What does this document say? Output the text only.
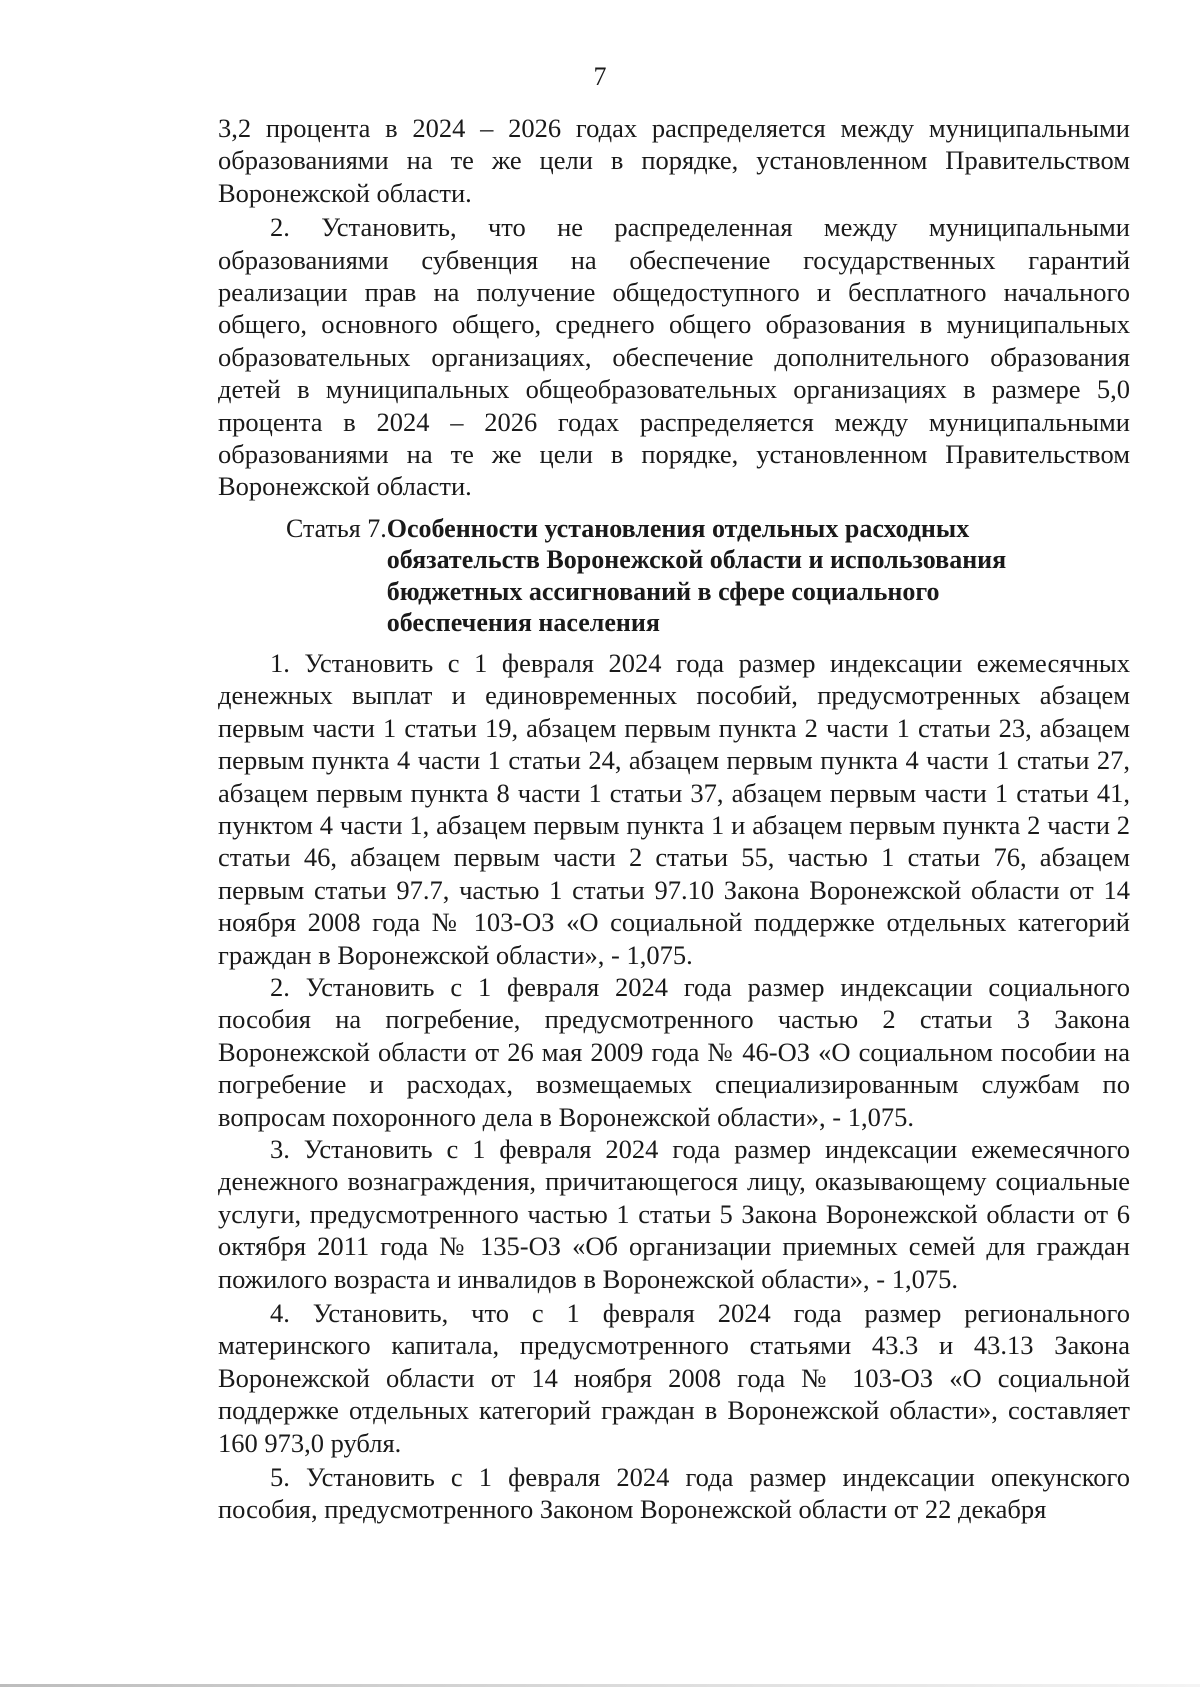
7

3,2 процента в 2024 – 2026 годах распределяется между муниципальными образованиями на те же цели в порядке, установленном Правительством Воронежской области.

2. Установить, что не распределенная между муниципальными образованиями субвенция на обеспечение государственных гарантий реализации прав на получение общедоступного и бесплатного начального общего, основного общего, среднего общего образования в муниципальных образовательных организациях, обеспечение дополнительного образования детей в муниципальных общеобразовательных организациях в размере 5,0 процента в 2024 – 2026 годах распределяется между муниципальными образованиями на те же цели в порядке, установленном Правительством Воронежской области.

Статья 7. Особенности установления отдельных расходных обязательств Воронежской области и использования бюджетных ассигнований в сфере социального обеспечения населения

1. Установить с 1 февраля 2024 года размер индексации ежемесячных денежных выплат и единовременных пособий, предусмотренных абзацем первым части 1 статьи 19, абзацем первым пункта 2 части 1 статьи 23, абзацем первым пункта 4 части 1 статьи 24, абзацем первым пункта 4 части 1 статьи 27, абзацем первым пункта 8 части 1 статьи 37, абзацем первым части 1 статьи 41, пунктом 4 части 1, абзацем первым пункта 1 и абзацем первым пункта 2 части 2 статьи 46, абзацем первым части 2 статьи 55, частью 1 статьи 76, абзацем первым статьи 97.7, частью 1 статьи 97.10 Закона Воронежской области от 14 ноября 2008 года № 103-ОЗ «О социальной поддержке отдельных категорий граждан в Воронежской области», - 1,075.

2. Установить с 1 февраля 2024 года размер индексации социального пособия на погребение, предусмотренного частью 2 статьи 3 Закона Воронежской области от 26 мая 2009 года № 46-ОЗ «О социальном пособии на погребение и расходах, возмещаемых специализированным службам по вопросам похоронного дела в Воронежской области», - 1,075.

3. Установить с 1 февраля 2024 года размер индексации ежемесячного денежного вознаграждения, причитающегося лицу, оказывающему социальные услуги, предусмотренного частью 1 статьи 5 Закона Воронежской области от 6 октября 2011 года № 135-ОЗ «Об организации приемных семей для граждан пожилого возраста и инвалидов в Воронежской области», - 1,075.

4. Установить, что с 1 февраля 2024 года размер регионального материнского капитала, предусмотренного статьями 43.3 и 43.13 Закона Воронежской области от 14 ноября 2008 года № 103-ОЗ «О социальной поддержке отдельных категорий граждан в Воронежской области», составляет 160 973,0 рубля.

5. Установить с 1 февраля 2024 года размер индексации опекунского пособия, предусмотренного Законом Воронежской области от 22 декабря
